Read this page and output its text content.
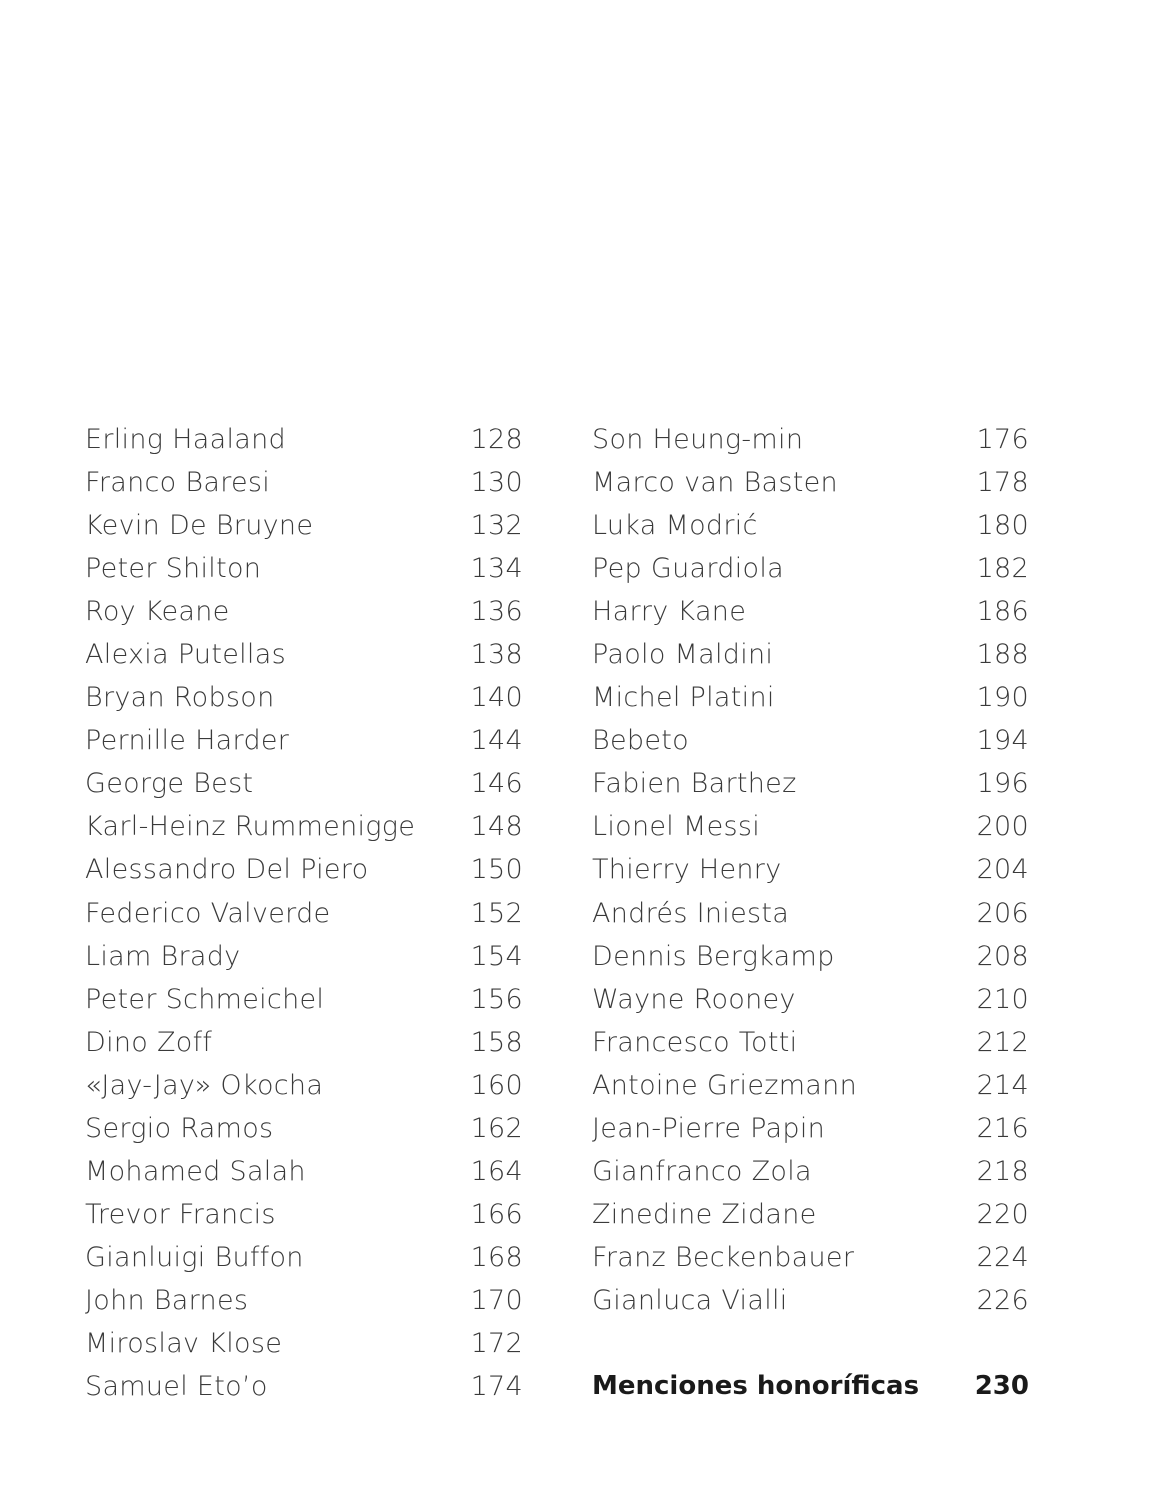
Erling Haaland	128
Franco Baresi	130
Kevin De Bruyne	132
Peter Shilton	134
Roy Keane	136
Alexia Putellas	138
Bryan Robson	140
Pernille Harder	144
George Best	146
Karl-Heinz Rummenigge	148
Alessandro Del Piero	150
Federico Valverde	152
Liam Brady	154
Peter Schmeichel	156
Dino Zoff	158
«Jay-Jay» Okocha	160
Sergio Ramos	162
Mohamed Salah	164
Trevor Francis	166
Gianluigi Buffon	168
John Barnes	170
Miroslav Klose	172
Samuel Eto’o	174
Son Heung-min	176
Marco van Basten	178
Luka Modrić	180
Pep Guardiola	182
Harry Kane	186
Paolo Maldini	188
Michel Platini	190
Bebeto	194
Fabien Barthez	196
Lionel Messi	200
Thierry Henry	204
Andrés Iniesta	206
Dennis Bergkamp	208
Wayne Rooney	210
Francesco Totti	212
Antoine Griezmann	214
Jean-Pierre Papin	216
Gianfranco Zola	218
Zinedine Zidane	220
Franz Beckenbauer	224
Gianluca Vialli	226
Menciones honoríficas	230
